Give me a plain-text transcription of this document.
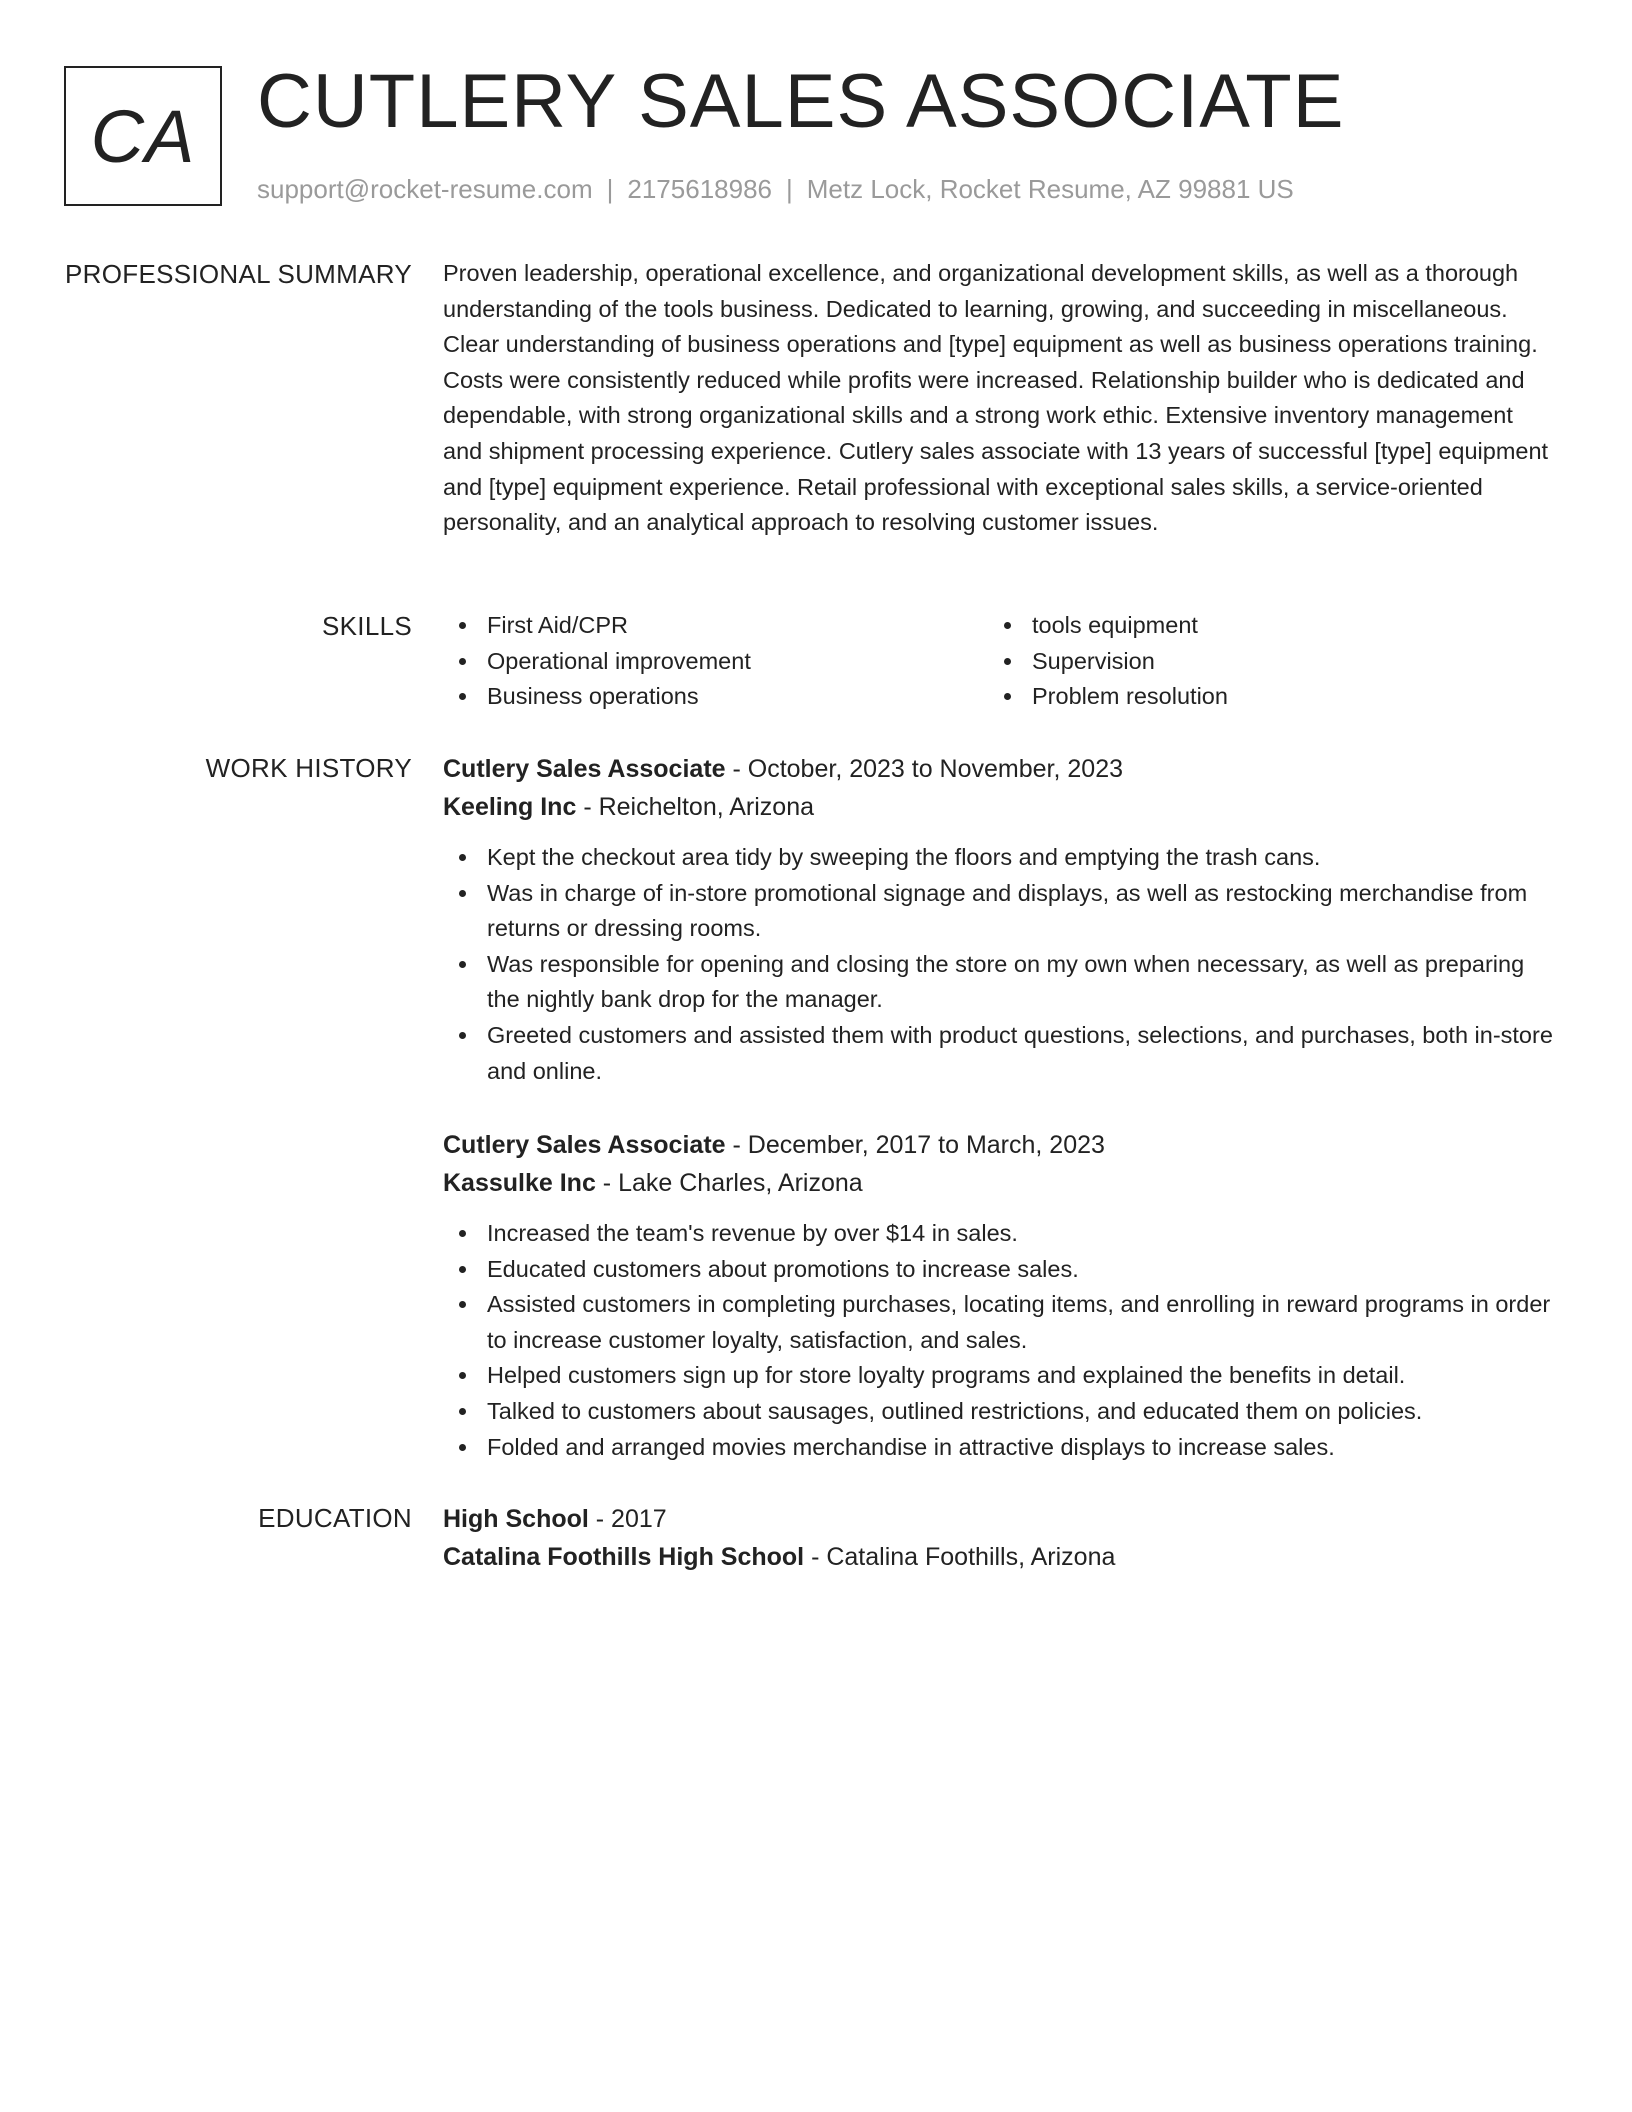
CA CUTLERY SALES ASSOCIATE
support@rocket-resume.com | 2175618986 | Metz Lock, Rocket Resume, AZ 99881 US
PROFESSIONAL SUMMARY Proven leadership, operational excellence, and organizational development skills, as well as a thorough understanding of the tools business. Dedicated to learning, growing, and succeeding in miscellaneous. Clear understanding of business operations and [type] equipment as well as business operations training. Costs were consistently reduced while profits were increased. Relationship builder who is dedicated and dependable, with strong organizational skills and a strong work ethic. Extensive inventory management and shipment processing experience. Cutlery sales associate with 13 years of successful [type] equipment and [type] equipment experience. Retail professional with exceptional sales skills, a service-oriented personality, and an analytical approach to resolving customer issues.

SKILLS	First Aid/CPR
Operational improvement
Business operations
tools equipment
Supervision
Problem resolution
WORK HISTORY Cutlery Sales Associate - October, 2023 to November, 2023
Keeling Inc - Reichelton, Arizona
Kept the checkout area tidy by sweeping the floors and emptying the trash cans.
Was in charge of in-store promotional signage and displays, as well as restocking merchandise from returns or dressing rooms.
Was responsible for opening and closing the store on my own when necessary, as well as preparing the nightly bank drop for the manager.
Greeted customers and assisted them with product questions, selections, and purchases, both in-store and online.
Cutlery Sales Associate - December, 2017 to March, 2023
Kassulke Inc - Lake Charles, Arizona
Increased the team's revenue by over $14 in sales.
Educated customers about promotions to increase sales.
Assisted customers in completing purchases, locating items, and enrolling in reward programs in order to increase customer loyalty, satisfaction, and sales.
Helped customers sign up for store loyalty programs and explained the benefits in detail.
Talked to customers about sausages, outlined restrictions, and educated them on policies.
Folded and arranged movies merchandise in attractive displays to increase sales.
EDUCATION High School - 2017
Catalina Foothills High School - Catalina Foothills, Arizona
